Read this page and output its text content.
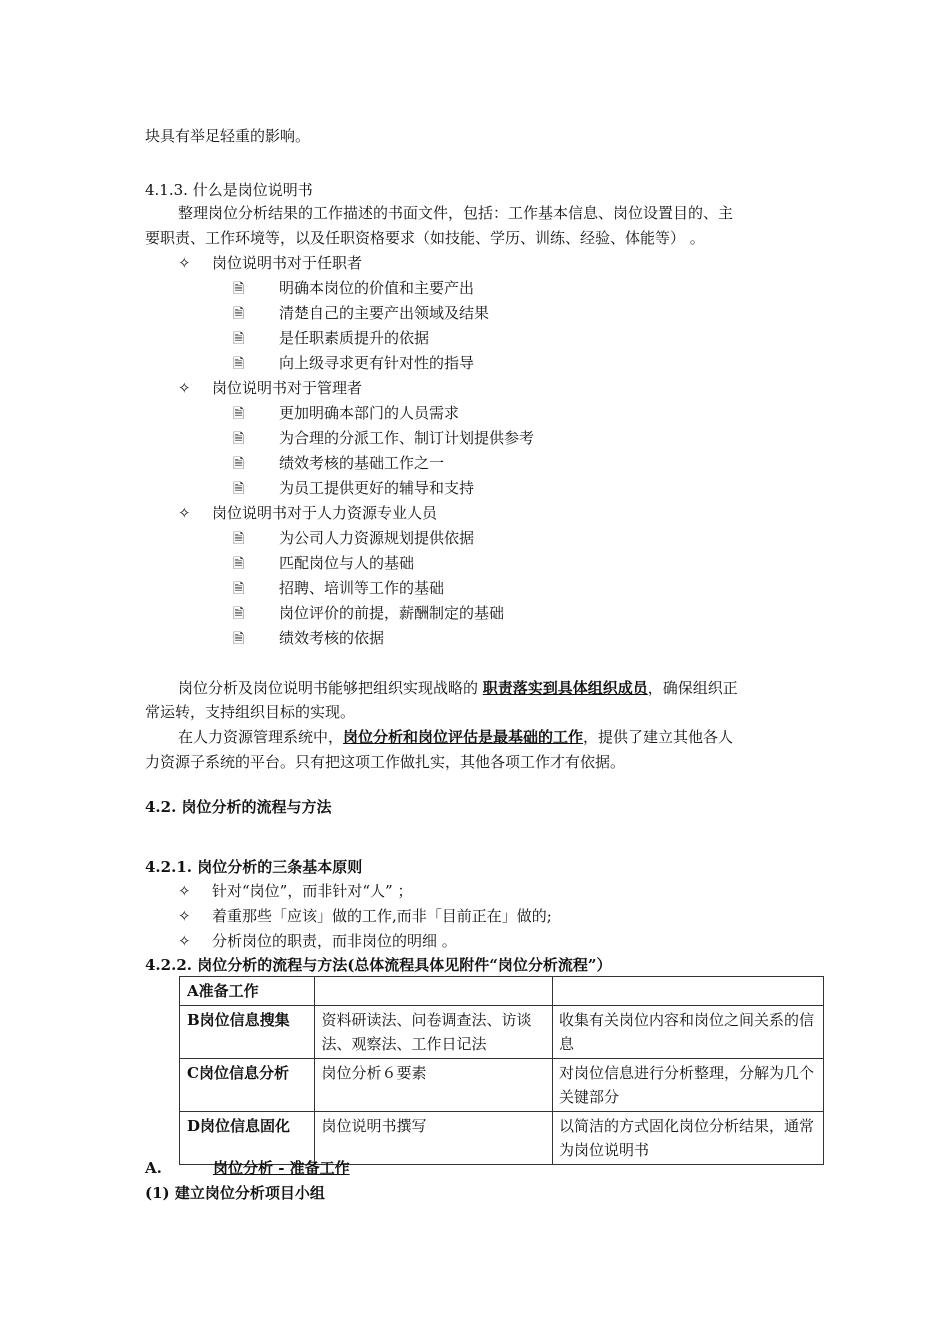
块具有举足轻重的影响。
4.1.3. 什么是岗位说明书
整理岗位分析结果的工作描述的书面文件，包括：工作基本信息、岗位设置目的、主
要职责、工作环境等，以及任职资格要求（如技能、学历、训练、经验、体能等） 。
✧ 岗位说明书对于任职者
🗎 明确本岗位的价值和主要产出
🗎 清楚自己的主要产出领域及结果
🗎 是任职素质提升的依据
🗎 向上级寻求更有针对性的指导
✧ 岗位说明书对于管理者
🗎 更加明确本部门的人员需求
🗎 为合理的分派工作、制订计划提供参考
🗎 绩效考核的基础工作之一
🗎 为员工提供更好的辅导和支持
✧ 岗位说明书对于人力资源专业人员
🗎 为公司人力资源规划提供依据
🗎 匹配岗位与人的基础
🗎 招聘、培训等工作的基础
🗎 岗位评价的前提，薪酬制定的基础
🗎 绩效考核的依据
岗位分析及岗位说明书能够把组织实现战略的 职责落实到具体组织成员，确保组织正
常运转，支持组织目标的实现。
在人力资源管理系统中，岗位分析和岗位评估是最基础的工作，提供了建立其他各人
力资源子系统的平台。只有把这项工作做扎实，其他各项工作才有依据。
4.2. 岗位分析的流程与方法
4.2.1. 岗位分析的三条基本原则
✧ 针对“岗位”，而非针对“人” ；
✧ 着重那些「应该」做的工作,而非「目前正在」做的;
✧ 分析岗位的职责，而非岗位的明细 。
4.2.2. 岗位分析的流程与方法(总体流程具体见附件“岗位分析流程”）
A准备工作		
B岗位信息搜集	资料研读法、问卷调查法、访谈法、观察法、工作日记法	收集有关岗位内容和岗位之间关系的信息
C岗位信息分析	岗位分析６要素	对岗位信息进行分析整理，分解为几个关键部分
D岗位信息固化	岗位说明书撰写	以简洁的方式固化岗位分析结果，通常为岗位说明书
A.	岗位分析 - 准备工作
(1) 建立岗位分析项目小组
